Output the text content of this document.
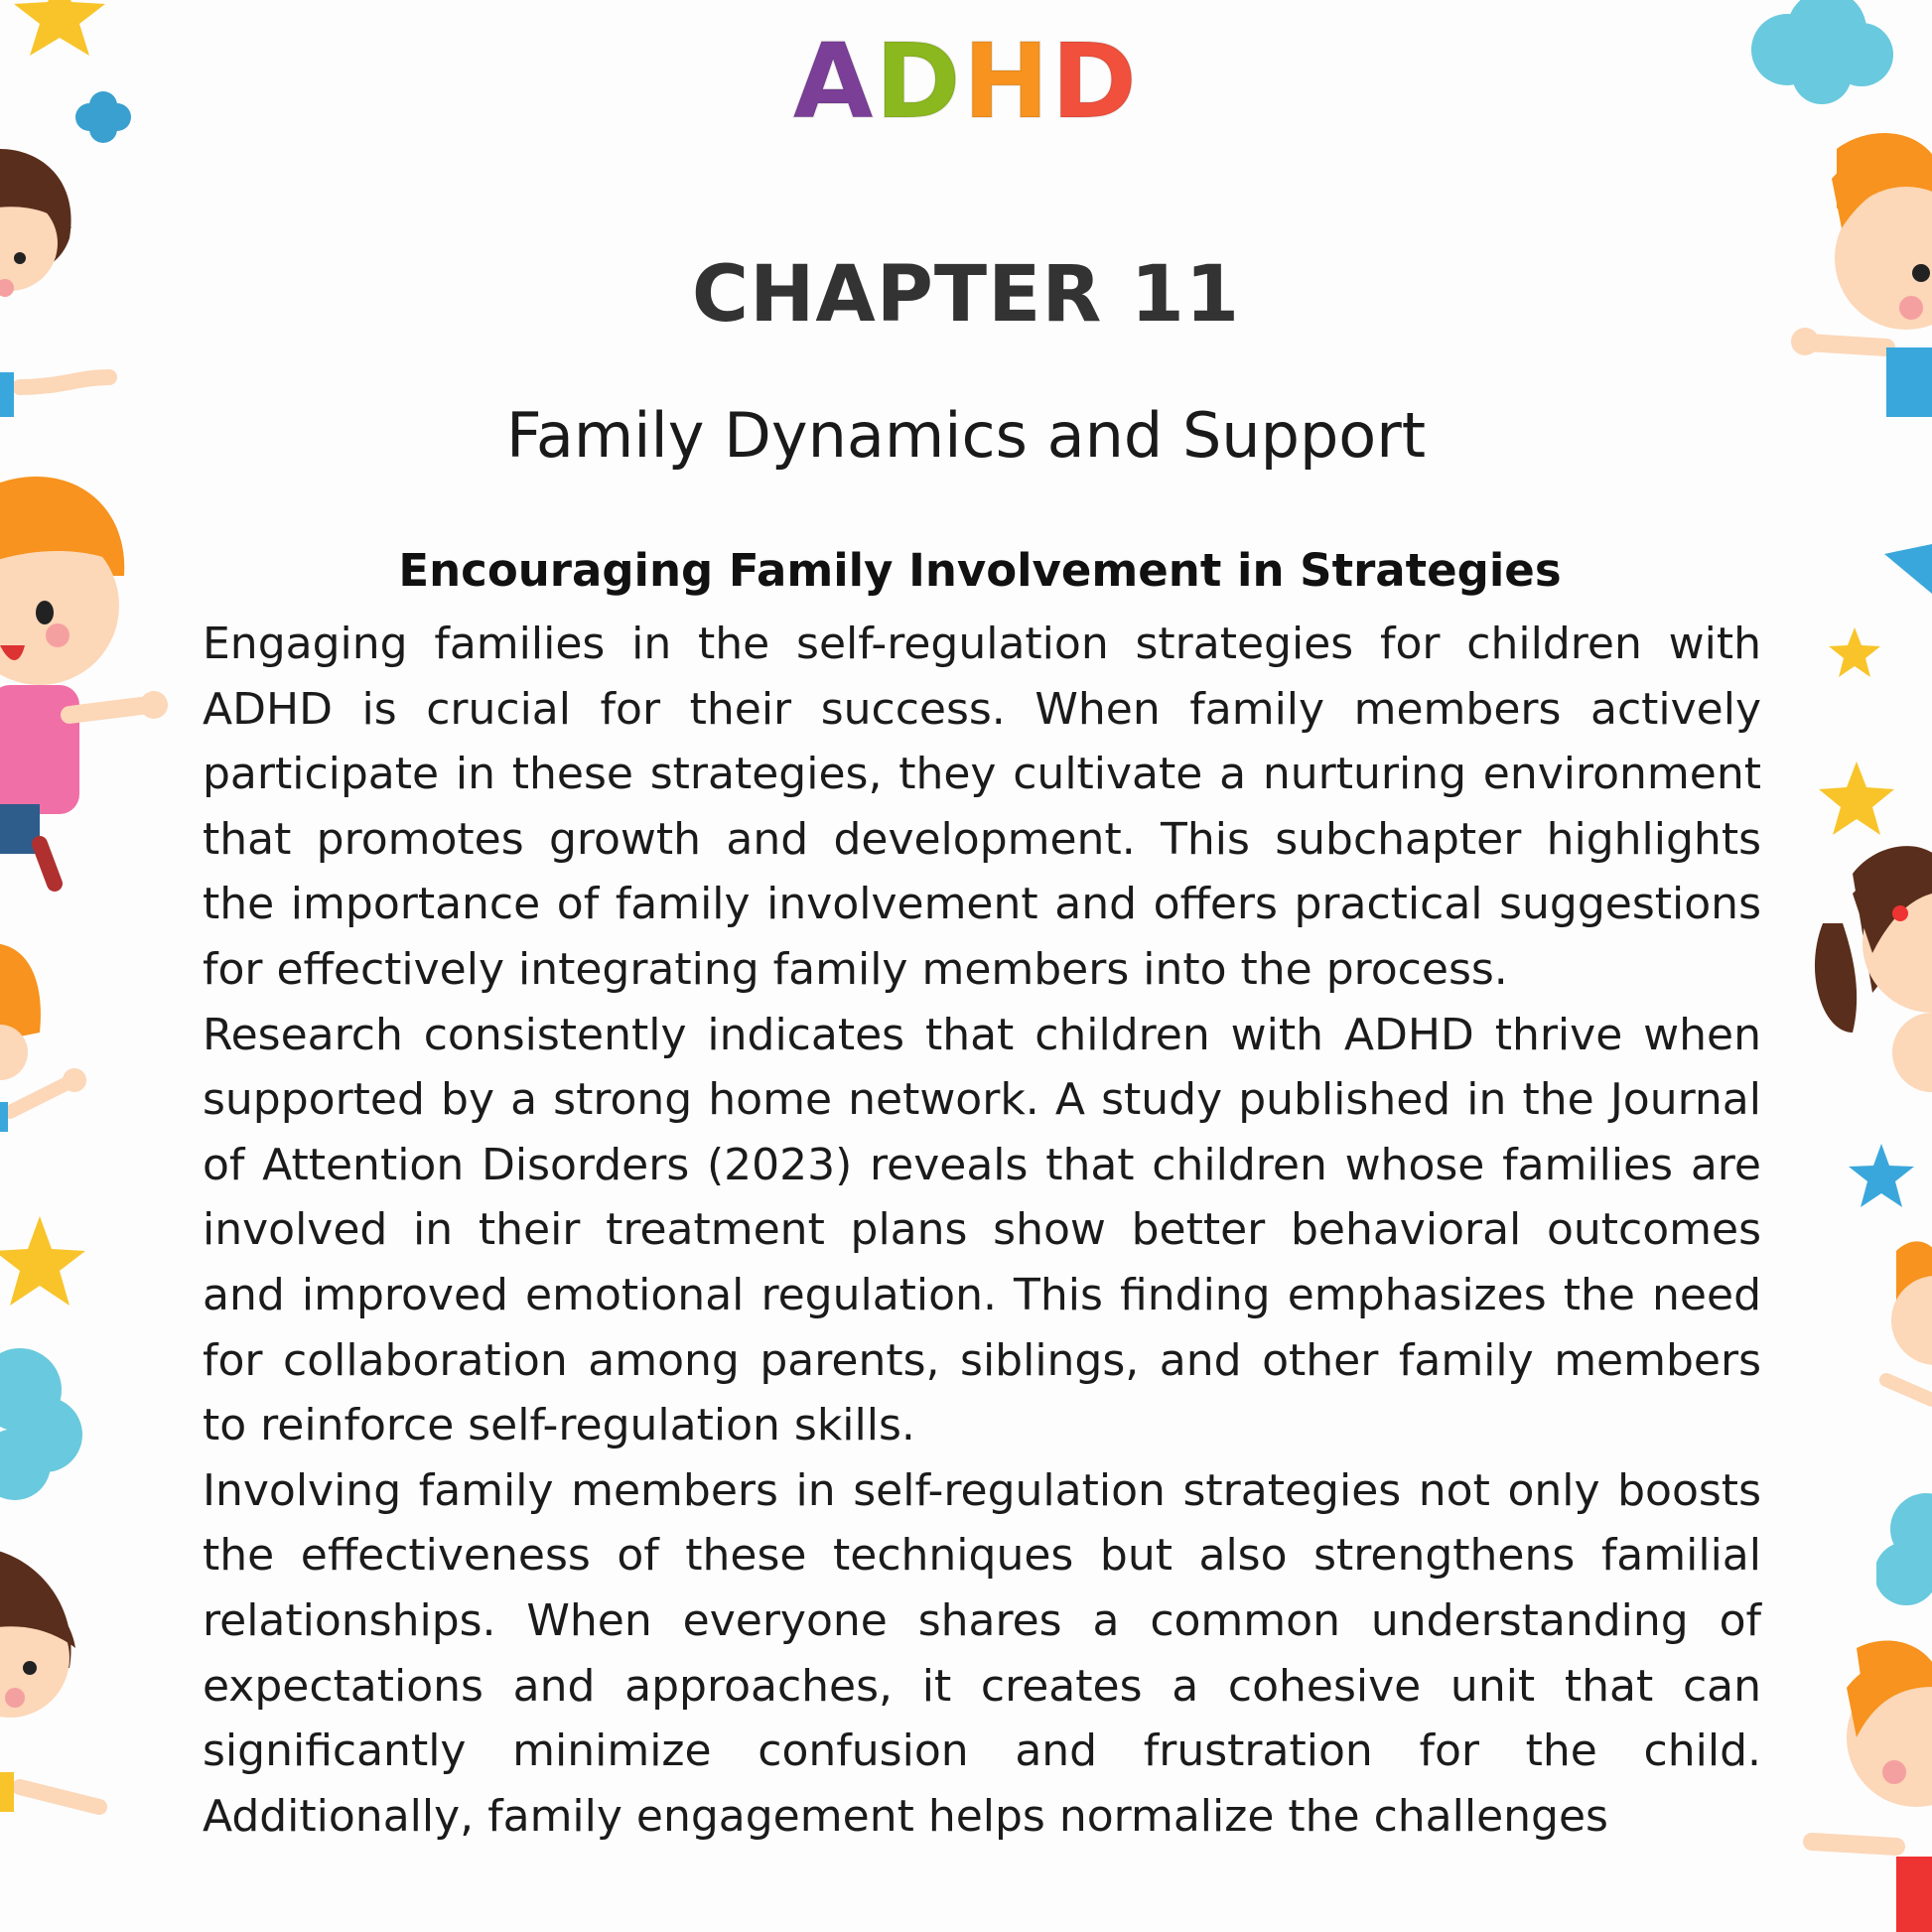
ADHD
CHAPTER 11
Family Dynamics and Support
Encouraging Family Involvement in Strategies

Engaging families in the self-regulation strategies for children with ADHD is crucial for their success. When family members actively participate in these strategies, they cultivate a nurturing environment that promotes growth and development. This subchapter highlights the importance of family involvement and offers practical suggestions for effectively integrating family members into the process.

Research consistently indicates that children with ADHD thrive when supported by a strong home network. A study published in the Journal of Attention Disorders (2023) reveals that children whose families are involved in their treatment plans show better behavioral outcomes and improved emotional regulation. This finding emphasizes the need for collaboration among parents, siblings, and other family members to reinforce self-regulation skills.

Involving family members in self-regulation strategies not only boosts the effectiveness of these techniques but also strengthens familial relationships. When everyone shares a common understanding of expectations and approaches, it creates a cohesive unit that can significantly minimize confusion and frustration for the child. Additionally, family engagement helps normalize the challenges
